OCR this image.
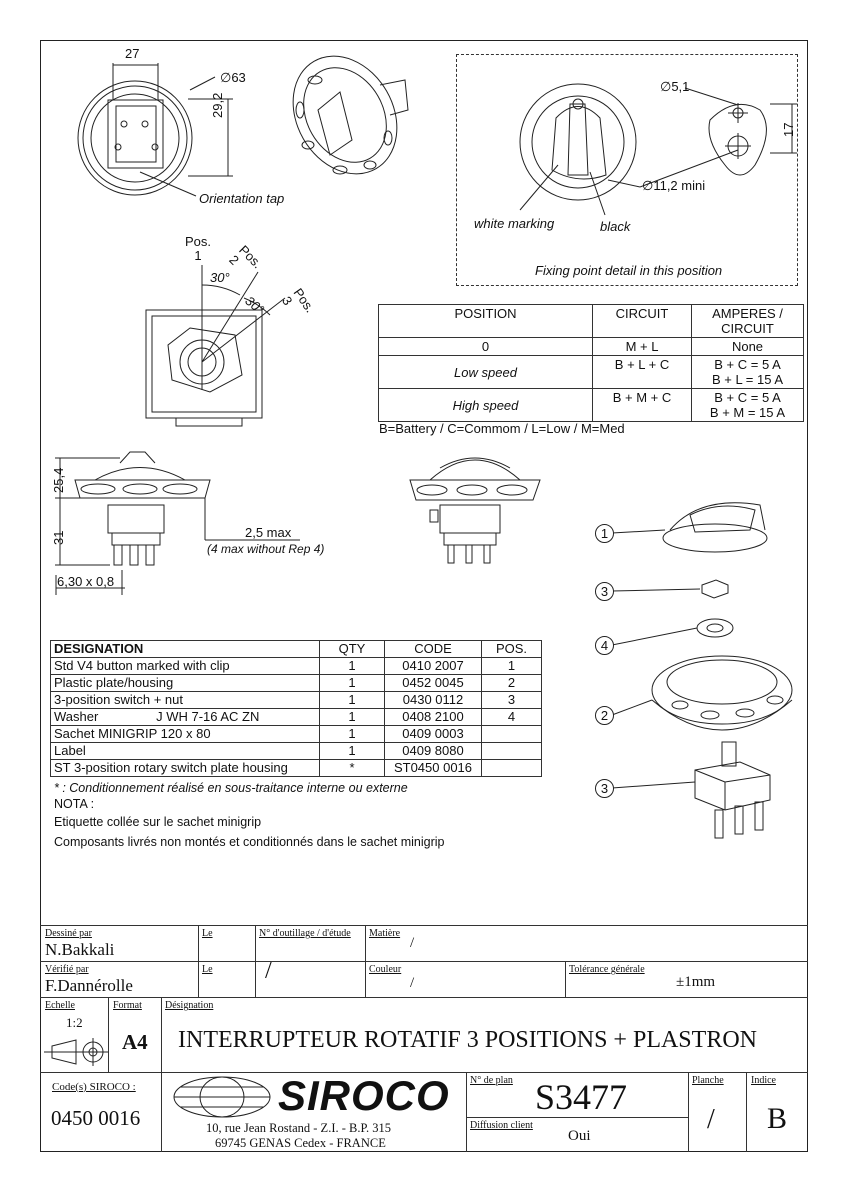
27
∅63
29,2
Orientation tap
∅5,1
17
∅11,2 mini
white marking	black
Fixing point detail in this position
Pos.
1	Pos.
2
Pos.
3
30°
30°
25,4
31	2,5 max
(4 max without Rep 4)
6,30 x 0,8
1
3
4
2
3
POSITION	CIRCUIT	AMPERES / CIRCUIT
0	M + L	None
Low speed	B + L + C	B + C = 5 A
B + L = 15 A
High speed	B + M + C	B + C = 5 A
B + M = 15 A
B=Battery / C=Commom / L=Low / M=Med
DESIGNATION	QTY	CODE	POS.
Std V4 button marked with clip	1	0410 2007	1
Plastic plate/housing	1	0452 0045	2
3-position switch + nut	1	0430 0112	3
Washer                J WH 7-16 AC ZN	1	0408 2100	4
Sachet MINIGRIP 120 x 80	1	0409 0003	
Label	1	0409 8080	
ST 3-position rotary switch plate housing	*	ST0450 0016	
* : Conditionnement réalisé en sous-traitance interne ou externe
NOTA :
Etiquette collée sur le sachet minigrip
Composants livrés non montés et conditionnés dans le sachet minigrip
Dessiné par
N.Bakkali
Le	N° d'outillage / d'étude
/
Matière
/
Vérifié par
F.Dannérolle
Le	Couleur
/
Tolérance générale
±1mm
Echelle
1:2
Format
A4
Désignation
INTERRUPTEUR ROTATIF 3 POSITIONS + PLASTRON
Code(s) SIROCO :
0450 0016	SIROCO
10, rue Jean Rostand - Z.I. - B.P. 315
69745 GENAS Cedex - FRANCE
N° de plan S3477
Diffusion client
Oui
Planche
/
Indice
B
